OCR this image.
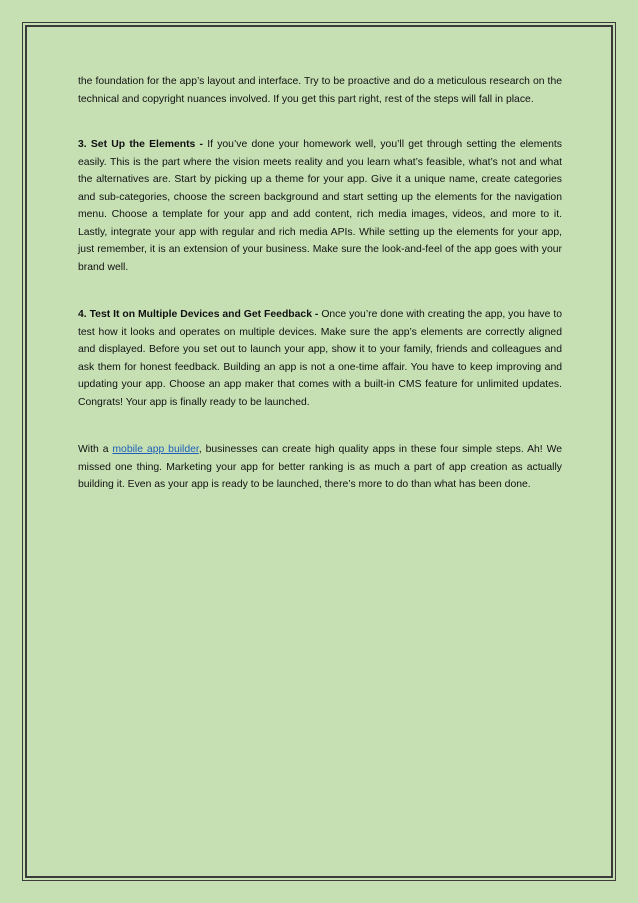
the foundation for the app’s layout and interface. Try to be proactive and do a meticulous research on the technical and copyright nuances involved. If you get this part right, rest of the steps will fall in place.

3. Set Up the Elements - If you’ve done your homework well, you’ll get through setting the elements easily. This is the part where the vision meets reality and you learn what’s feasible, what’s not and what the alternatives are. Start by picking up a theme for your app. Give it a unique name, create categories and sub-categories, choose the screen background and start setting up the elements for the navigation menu. Choose a template for your app and add content, rich media images, videos, and more to it. Lastly, integrate your app with regular and rich media APIs. While setting up the elements for your app, just remember, it is an extension of your business. Make sure the look-and-feel of the app goes with your brand well.

4. Test It on Multiple Devices and Get Feedback - Once you’re done with creating the app, you have to test how it looks and operates on multiple devices. Make sure the app’s elements are correctly aligned and displayed. Before you set out to launch your app, show it to your family, friends and colleagues and ask them for honest feedback. Building an app is not a one-time affair. You have to keep improving and updating your app. Choose an app maker that comes with a built-in CMS feature for unlimited updates. Congrats! Your app is finally ready to be launched.

With a mobile app builder, businesses can create high quality apps in these four simple steps. Ah! We missed one thing. Marketing your app for better ranking is as much a part of app creation as actually building it. Even as your app is ready to be launched, there’s more to do than what has been done.
